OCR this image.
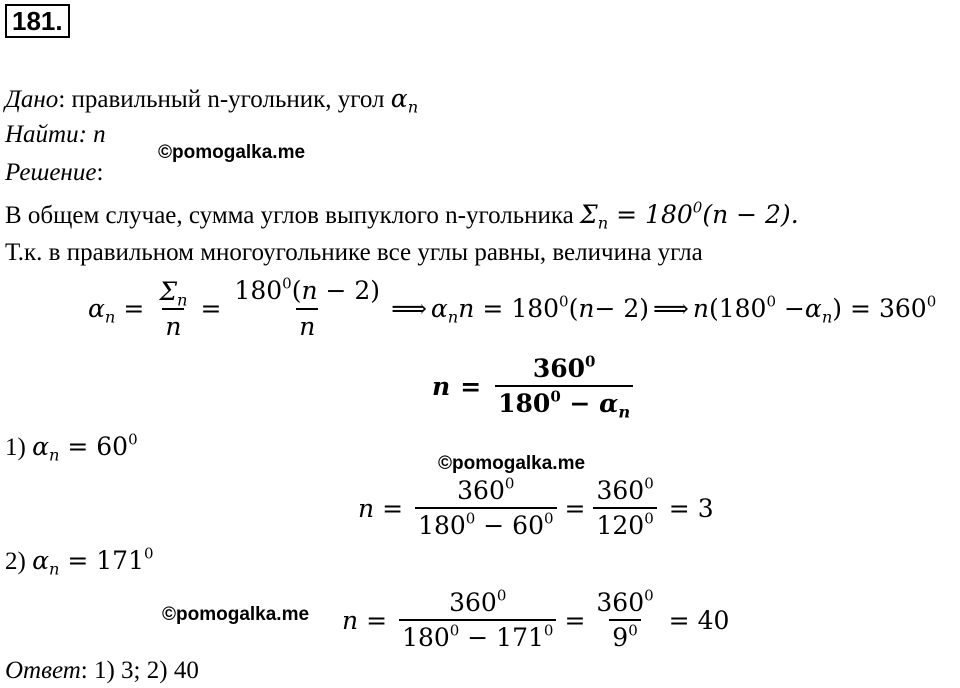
181.
Дано: правильный n-угольник, угол $\alpha_n$
Найти: n
©pomogalka.me
Решение:
В общем случае, сумма углов выпуклого n-угольника $\Sigma_n = 180^0(n - 2)$.
Т.к. в правильном многоугольнике все углы равны, величина угла
$\alpha_n = \frac{\Sigma_n}{n} = \frac{180^0(n - 2)}{n}$ ⟹ $\alpha_nn = 180^0$( n − 2) ⟹ n ($180^0 - \alpha_n$ ) = $360^0$
$n = \frac{360^0}{180^0 - \alpha_n}$
1) $\alpha_n = 60^0$
©pomogalka.me
$n = \frac{360^0}{180^0 - 60^0} = \frac{360^0}{120^0} = 3$
2) $\alpha_n = 171^0$
©pomogalka.me $n = \frac{360^0}{180^0 - 171^0} = \frac{360^0}{9^0} = 40$
Ответ: 1) 3; 2) 40
